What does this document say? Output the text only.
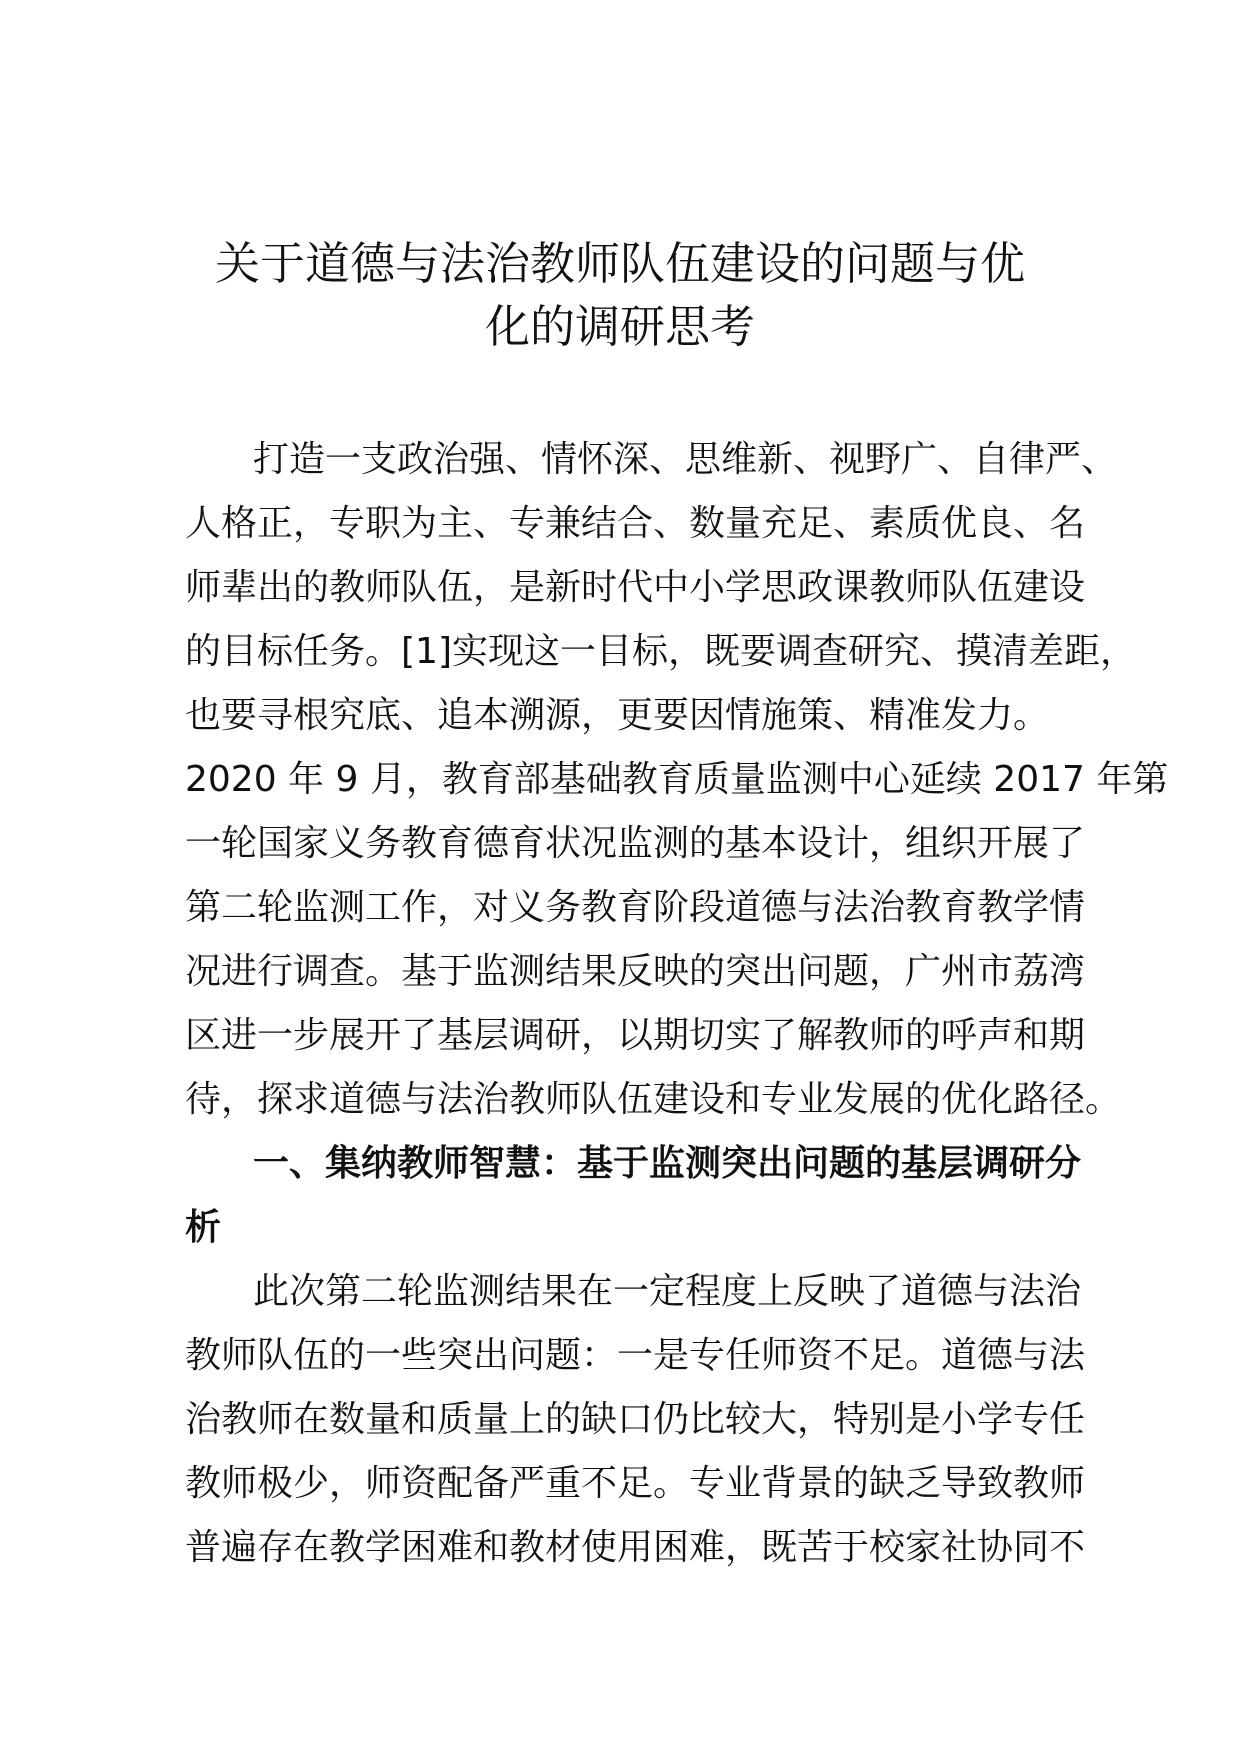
关于道德与法治教师队伍建设的问题与优
化的调研思考
打造一支政治强、情怀深、思维新、视野广、自律严、
人格正，专职为主、专兼结合、数量充足、素质优良、名
师辈出的教师队伍，是新时代中小学思政课教师队伍建设
的目标任务。[1]实现这一目标，既要调查研究、摸清差距，
也要寻根究底、追本溯源，更要因情施策、精准发力。
2020 年 9 月，教育部基础教育质量监测中心延续 2017 年第
一轮国家义务教育德育状况监测的基本设计，组织开展了
第二轮监测工作，对义务教育阶段道德与法治教育教学情
况进行调查。基于监测结果反映的突出问题，广州市荔湾
区进一步展开了基层调研，以期切实了解教师的呼声和期
待，探求道德与法治教师队伍建设和专业发展的优化路径。
一、集纳教师智慧：基于监测突出问题的基层调研分
析
此次第二轮监测结果在一定程度上反映了道德与法治
教师队伍的一些突出问题：一是专任师资不足。道德与法
治教师在数量和质量上的缺口仍比较大，特别是小学专任
教师极少，师资配备严重不足。专业背景的缺乏导致教师
普遍存在教学困难和教材使用困难，既苦于校家社协同不
